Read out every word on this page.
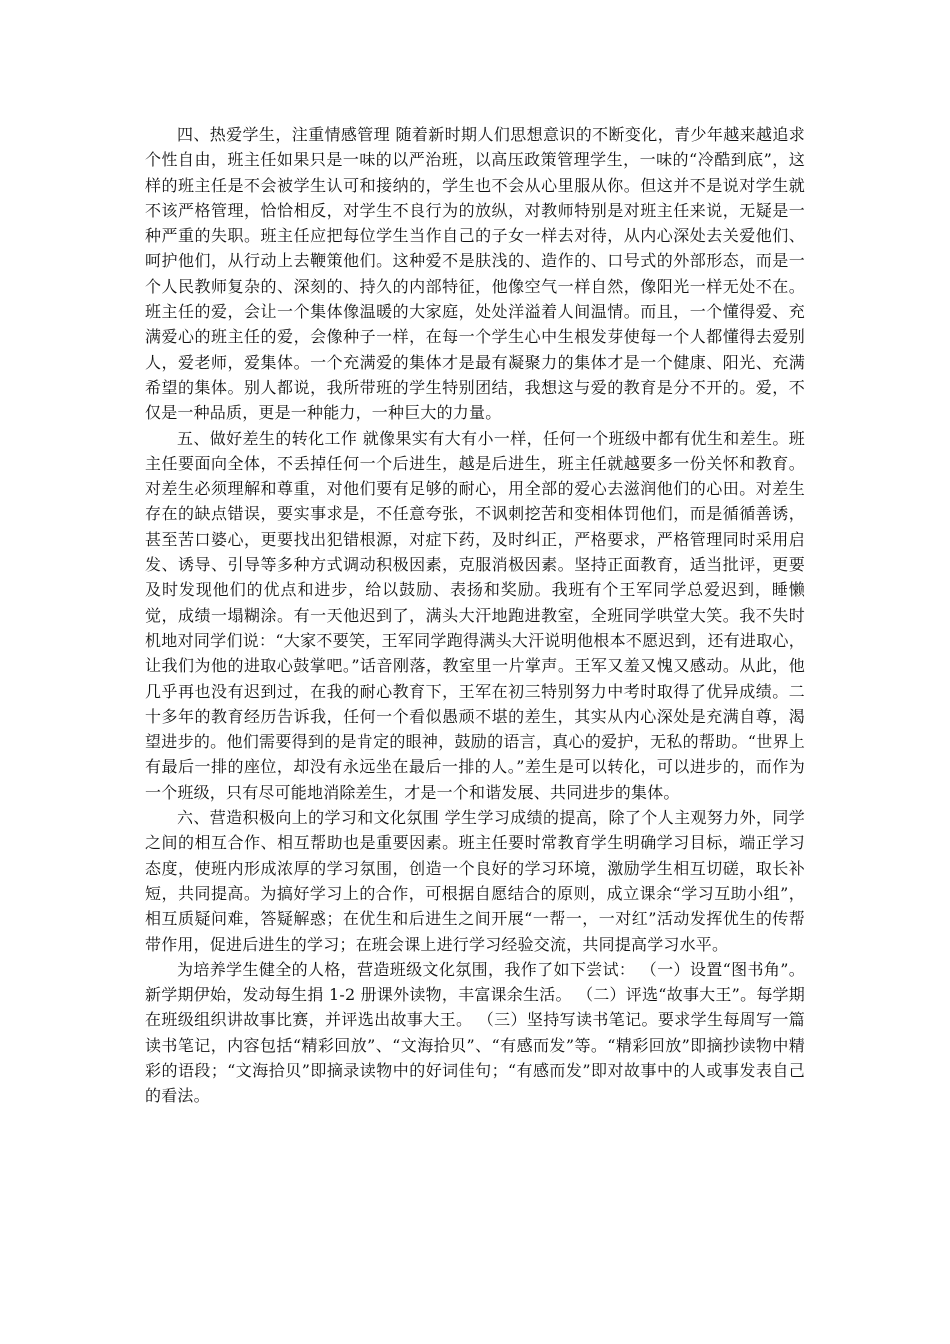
四、热爱学生，注重情感管理 随着新时期人们思想意识的不断变化，青少年越来越追求个性自由，班主任如果只是一味的以严治班，以高压政策管理学生，一味的“冷酷到底”，这样的班主任是不会被学生认可和接纳的，学生也不会从心里服从你。但这并不是说对学生就不该严格管理，恰恰相反，对学生不良行为的放纵，对教师特别是对班主任来说，无疑是一种严重的失职。班主任应把每位学生当作自己的子女一样去对待，从内心深处去关爱他们、呵护他们，从行动上去鞭策他们。这种爱不是肤浅的、造作的、口号式的外部形态，而是一个人民教师复杂的、深刻的、持久的内部特征，他像空气一样自然，像阳光一样无处不在。班主任的爱，会让一个集体像温暖的大家庭，处处洋溢着人间温情。而且，一个懂得爱、充满爱心的班主任的爱，会像种子一样，在每一个学生心中生根发芽使每一个人都懂得去爱别人，爱老师，爱集体。一个充满爱的集体才是最有凝聚力的集体才是一个健康、阳光、充满希望的集体。别人都说，我所带班的学生特别团结，我想这与爱的教育是分不开的。爱，不仅是一种品质，更是一种能力，一种巨大的力量。

五、做好差生的转化工作 就像果实有大有小一样，任何一个班级中都有优生和差生。班主任要面向全体，不丢掉任何一个后进生，越是后进生，班主任就越要多一份关怀和教育。对差生必须理解和尊重，对他们要有足够的耐心，用全部的爱心去滋润他们的心田。对差生存在的缺点错误，要实事求是，不任意夸张，不讽刺挖苦和变相体罚他们，而是循循善诱，甚至苦口婆心，更要找出犯错根源，对症下药，及时纠正，严格要求，严格管理同时采用启发、诱导、引导等多种方式调动积极因素，克服消极因素。坚持正面教育，适当批评，更要及时发现他们的优点和进步，给以鼓励、表扬和奖励。我班有个王军同学总爱迟到，睡懒觉，成绩一塌糊涂。有一天他迟到了，满头大汗地跑进教室，全班同学哄堂大笑。我不失时机地对同学们说：“大家不要笑，王军同学跑得满头大汗说明他根本不愿迟到，还有进取心，让我们为他的进取心鼓掌吧。”话音刚落，教室里一片掌声。王军又羞又愧又感动。从此，他几乎再也没有迟到过，在我的耐心教育下，王军在初三特别努力中考时取得了优异成绩。二十多年的教育经历告诉我，任何一个看似愚顽不堪的差生，其实从内心深处是充满自尊，渴望进步的。他们需要得到的是肯定的眼神，鼓励的语言，真心的爱护，无私的帮助。“世界上有最后一排的座位，却没有永远坐在最后一排的人。”差生是可以转化，可以进步的，而作为一个班级，只有尽可能地消除差生，才是一个和谐发展、共同进步的集体。

六、营造积极向上的学习和文化氛围 学生学习成绩的提高，除了个人主观努力外，同学之间的相互合作、相互帮助也是重要因素。班主任要时常教育学生明确学习目标，端正学习态度，使班内形成浓厚的学习氛围，创造一个良好的学习环境，激励学生相互切磋，取长补短，共同提高。为搞好学习上的合作，可根据自愿结合的原则，成立课余“学习互助小组”，相互质疑问难，答疑解惑；在优生和后进生之间开展“一帮一，一对红”活动发挥优生的传帮带作用，促进后进生的学习；在班会课上进行学习经验交流，共同提高学习水平。

为培养学生健全的人格，营造班级文化氛围，我作了如下尝试： （一）设置“图书角”。新学期伊始，发动每生捐 1-2 册课外读物，丰富课余生活。 （二）评选“故事大王”。每学期在班级组织讲故事比赛，并评选出故事大王。 （三）坚持写读书笔记。要求学生每周写一篇读书笔记，内容包括“精彩回放”、“文海拾贝”、“有感而发”等。“精彩回放”即摘抄读物中精彩的语段；“文海拾贝”即摘录读物中的好词佳句；“有感而发”即对故事中的人或事发表自己的看法。
